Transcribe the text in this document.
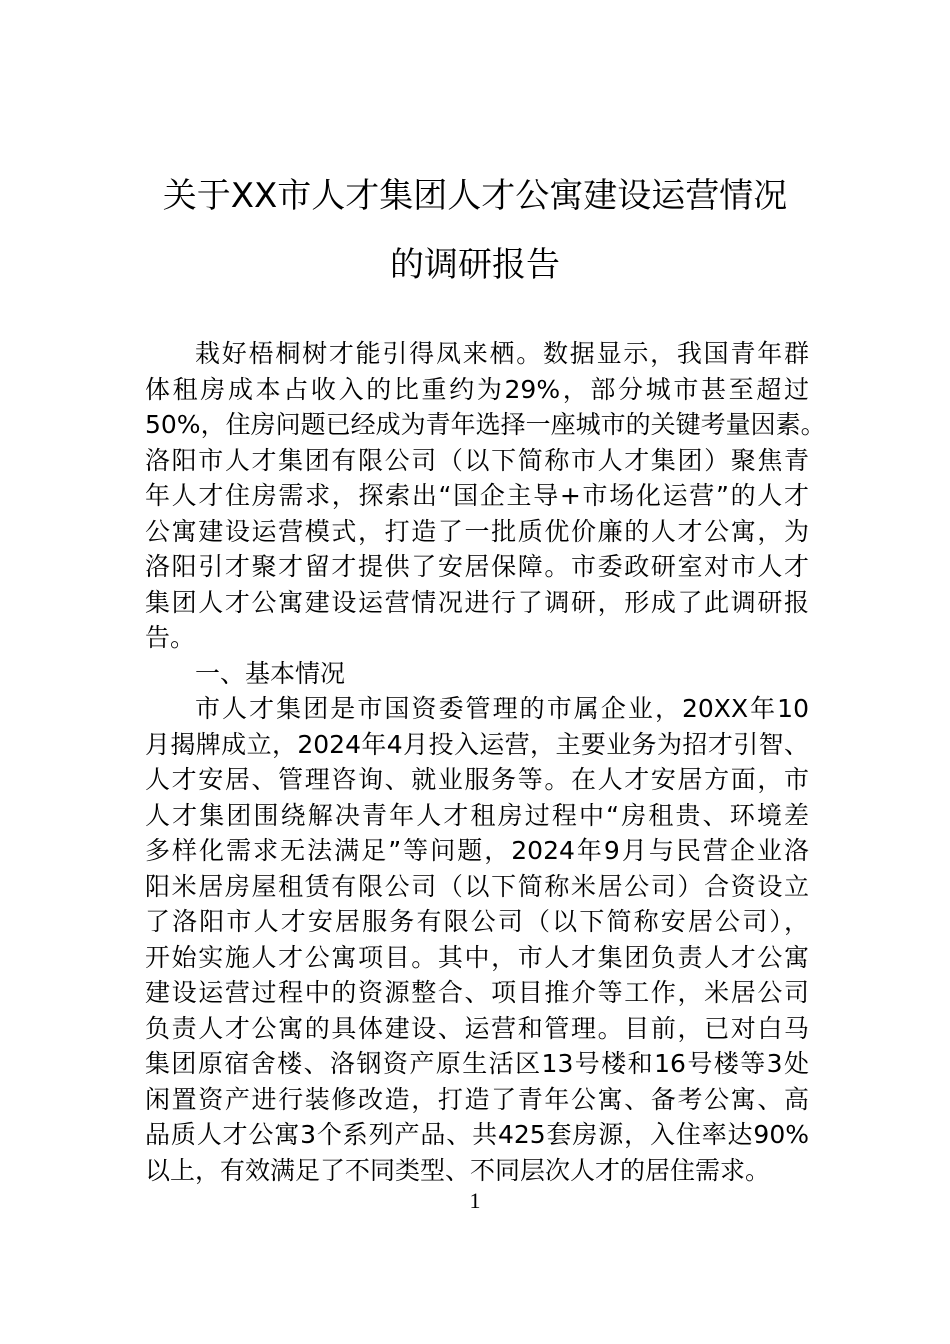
关于XX市人才集团人才公寓建设运营情况
的调研报告
栽好梧桐树才能引得凤来栖。数据显示，我国青年群
体租房成本占收入的比重约为29%，部分城市甚至超过
50%，住房问题已经成为青年选择一座城市的关键考量因素。
洛阳市人才集团有限公司（以下简称市人才集团）聚焦青
年人才住房需求，探索出“国企主导+市场化运营”的人才
公寓建设运营模式，打造了一批质优价廉的人才公寓，为
洛阳引才聚才留才提供了安居保障。市委政研室对市人才
集团人才公寓建设运营情况进行了调研，形成了此调研报
告。
一、基本情况
市人才集团是市国资委管理的市属企业，20XX年10
月揭牌成立，2024年4月投入运营，主要业务为招才引智、
人才安居、管理咨询、就业服务等。在人才安居方面，市
人才集团围绕解决青年人才租房过程中“房租贵、环境差
多样化需求无法满足”等问题，2024年9月与民营企业洛
阳米居房屋租赁有限公司（以下简称米居公司）合资设立
了洛阳市人才安居服务有限公司（以下简称安居公司），
开始实施人才公寓项目。其中，市人才集团负责人才公寓
建设运营过程中的资源整合、项目推介等工作，米居公司
负责人才公寓的具体建设、运营和管理。目前，已对白马
集团原宿舍楼、洛钢资产原生活区13号楼和16号楼等3处
闲置资产进行装修改造，打造了青年公寓、备考公寓、高
品质人才公寓3个系列产品、共425套房源，入住率达90%
以上，有效满足了不同类型、不同层次人才的居住需求。
1
